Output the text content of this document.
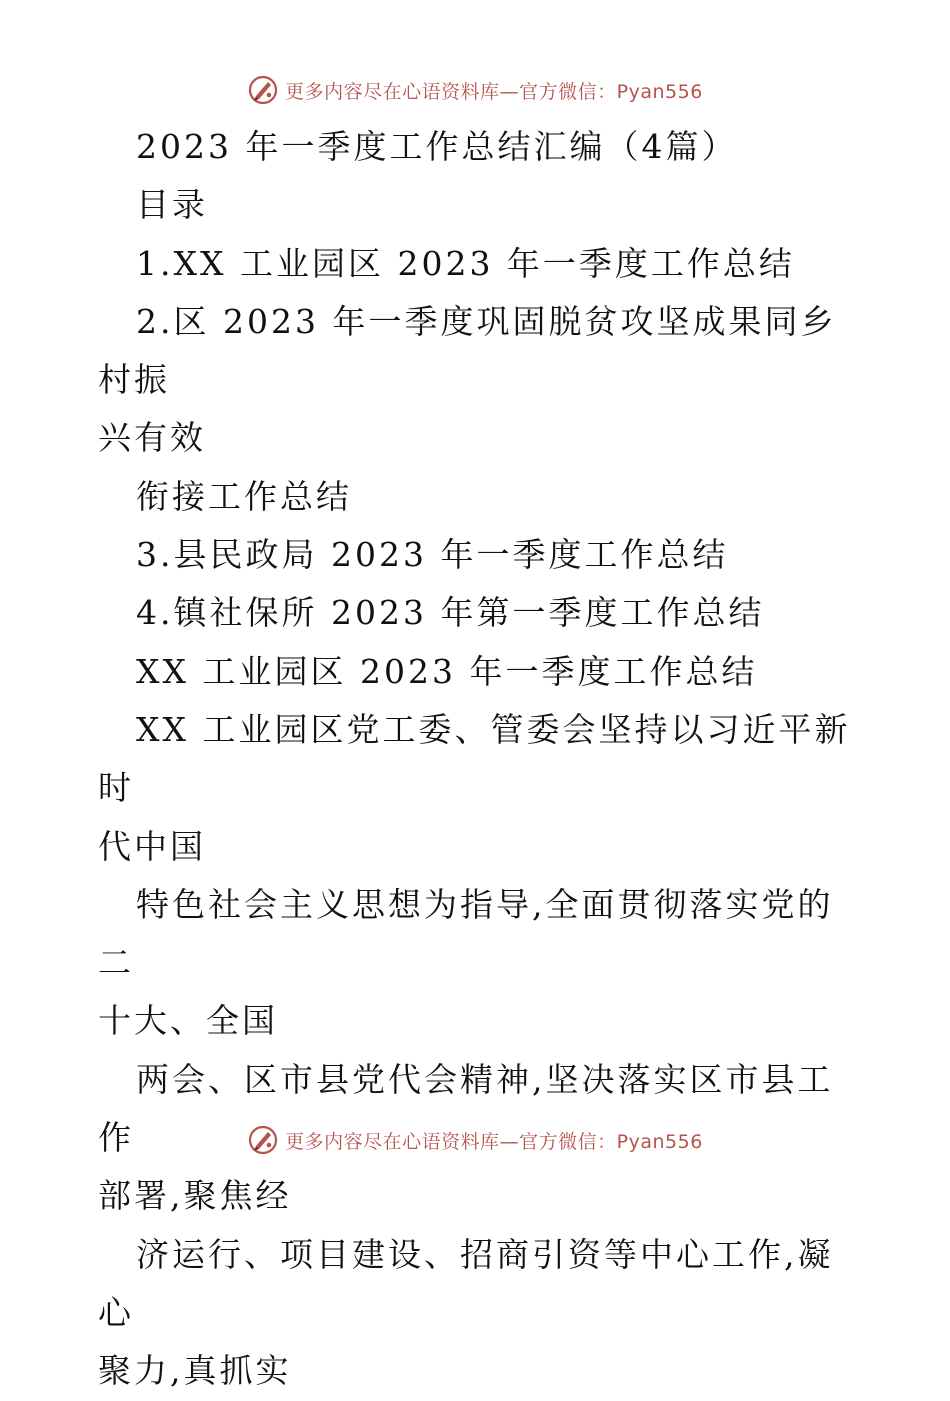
更多内容尽在心语资料库—官方微信：Pyan556

2023 年一季度工作总结汇编（4篇）

目录

1.XX 工业园区 2023 年一季度工作总结

2.区 2023 年一季度巩固脱贫攻坚成果同乡村振

兴有效

衔接工作总结

3.县民政局 2023 年一季度工作总结

4.镇社保所 2023 年第一季度工作总结

XX 工业园区 2023 年一季度工作总结

XX 工业园区党工委、管委会坚持以习近平新时

代中国

特色社会主义思想为指导,全面贯彻落实党的二

十大、全国

两会、区市县党代会精神,坚决落实区市县工作

部署,聚焦经

济运行、项目建设、招商引资等中心工作,凝心

聚力,真抓实

更多内容尽在心语资料库—官方微信：Pyan556
